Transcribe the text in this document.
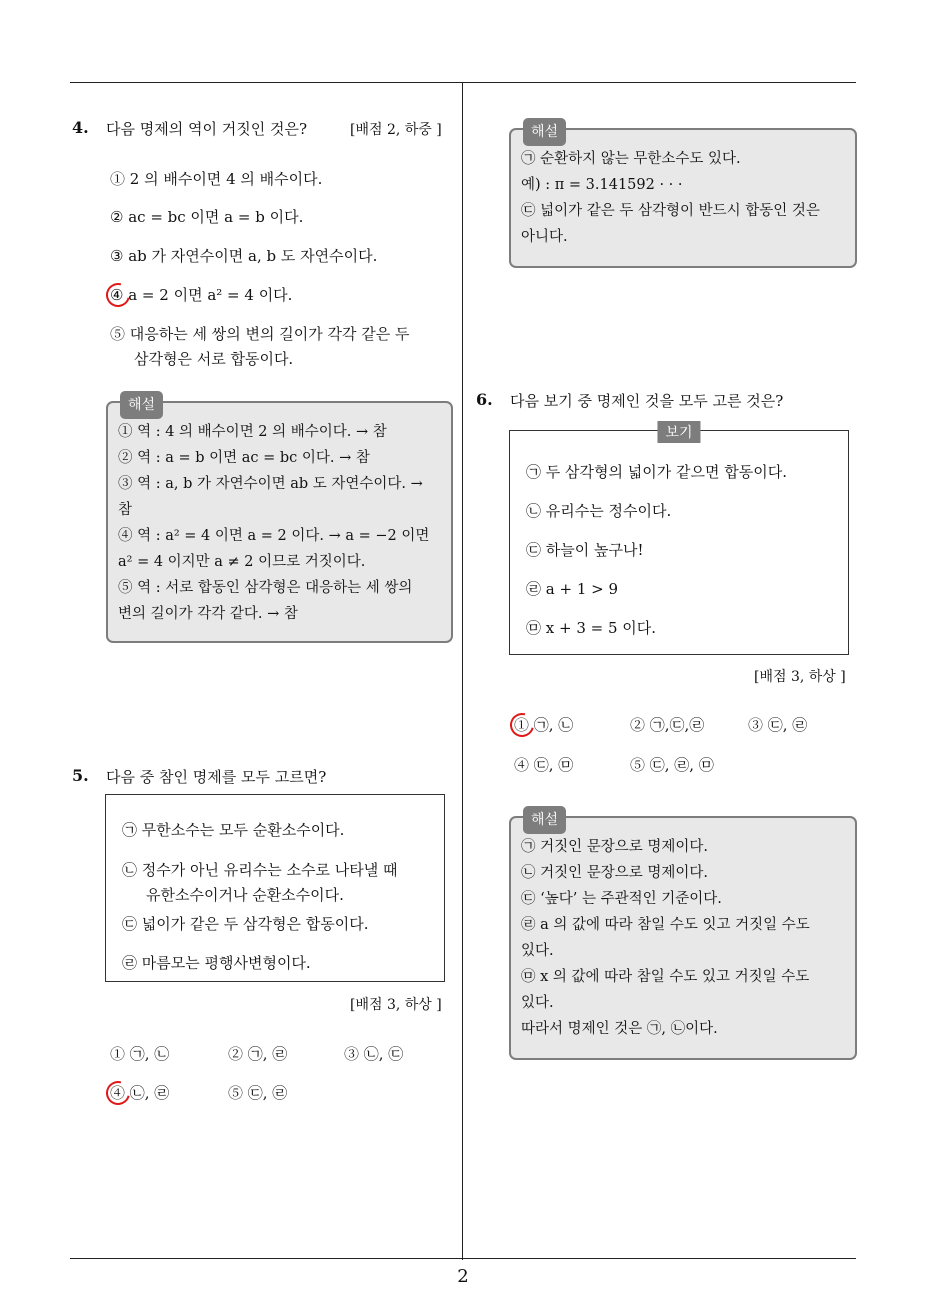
4. 다음 명제의 역이 거짓인 것은?	[배점 2, 하중 ]
① 2 의 배수이면 4 의 배수이다.
② ac = bc 이면 a = b 이다.
③ ab 가 자연수이면 a, b 도 자연수이다.
④ a = 2 이면 a² = 4 이다.
⑤ 대응하는 세 쌍의 변의 길이가 각각 같은 두
삼각형은 서로 합동이다.
해설
① 역 : 4 의 배수이면 2 의 배수이다. → 참
② 역 : a = b 이면 ac = bc 이다. → 참
③ 역 : a, b 가 자연수이면 ab 도 자연수이다. →
참
④ 역 : a² = 4 이면 a = 2 이다. → a = −2 이면
a² = 4 이지만 a ≠ 2 이므로 거짓이다.
⑤ 역 : 서로 합동인 삼각형은 대응하는 세 쌍의
변의 길이가 각각 같다. → 참
5. 다음 중 참인 명제를 모두 고르면?
㉠ 무한소수는 모두 순환소수이다.
㉡ 정수가 아닌 유리수는 소수로 나타낼 때
유한소수이거나 순환소수이다.
㉢ 넓이가 같은 두 삼각형은 합동이다.
㉣ 마름모는 평행사변형이다.
[배점 3, 하상 ]
① ㉠, ㉡	② ㉠, ㉣	③ ㉡, ㉢
④ ㉡, ㉣	⑤ ㉢, ㉣
해설
㉠ 순환하지 않는 무한소수도 있다.
예) : π = 3.141592 · · ·
㉢ 넓이가 같은 두 삼각형이 반드시 합동인 것은
아니다.
6. 다음 보기 중 명제인 것을 모두 고른 것은?
보기
㉠ 두 삼각형의 넓이가 같으면 합동이다.
㉡ 유리수는 정수이다.
㉢ 하늘이 높구나!
㉣ a + 1 > 9
㉤ x + 3 = 5 이다.
[배점 3, 하상 ]
① ㉠, ㉡	② ㉠,㉢,㉣	③ ㉢, ㉣
④ ㉢, ㉤	⑤ ㉢, ㉣, ㉤
해설
㉠ 거짓인 문장으로 명제이다.
㉡ 거짓인 문장으로 명제이다.
㉢ ‘높다’ 는 주관적인 기준이다.
㉣ a 의 값에 따라 참일 수도 잇고 거짓일 수도
있다.
㉤ x 의 값에 따라 참일 수도 있고 거짓일 수도
있다.
따라서 명제인 것은 ㉠, ㉡이다.
2
